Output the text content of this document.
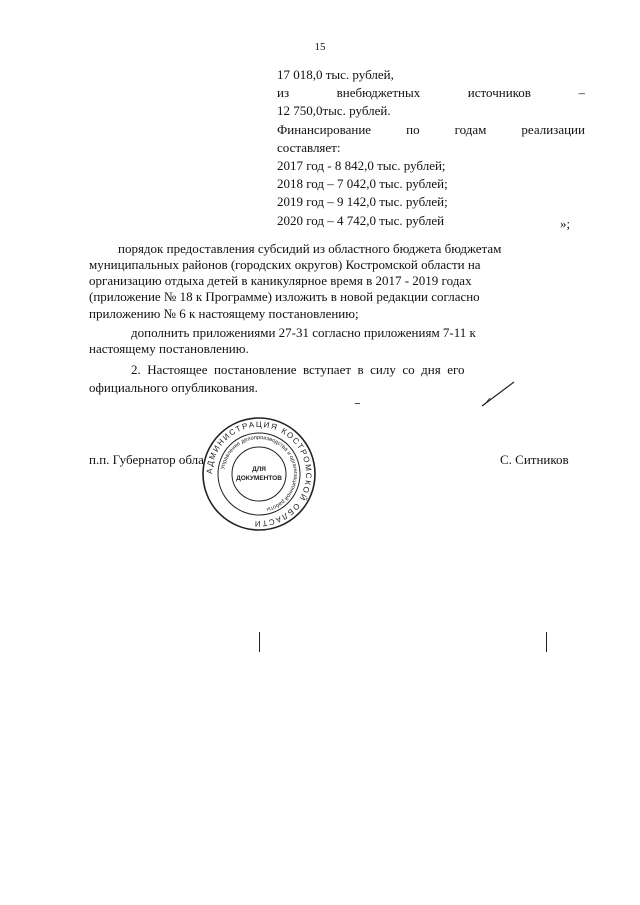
15
17 018,0 тыс. рублей,
из	внебюджетных	источников	–
12 750,0тыс. рублей.
Финансирование	по	годам	реализации
составляет:
2017 год - 8 842,0 тыс. рублей;
2018 год – 7 042,0 тыс. рублей;
2019 год – 9 142,0 тыс. рублей;
2020 год – 4 742,0 тыс. рублей	»;
порядок предоставления субсидий из областного бюджета бюджетам
муниципальных районов (городских округов) Костромской области на
организацию отдыха детей в каникулярное время в 2017 - 2019 годах
(приложение № 18 к Программе) изложить в новой редакции согласно
приложению № 6 к настоящему постановлению;
дополнить приложениями 27-31 согласно приложениям 7-11 к
настоящему постановлению.
2.  Настоящее  постановление  вступает  в  силу  со  дня  его
официального опубликования.
п.п. Губернатор обла	С. Ситников
АДМИНИСТРАЦИЯ КОСТРОМСКОЙ ОБЛАСТИ
Управление делопроизводства и организационной работы
ДЛЯ
ДОКУМЕНТОВ
